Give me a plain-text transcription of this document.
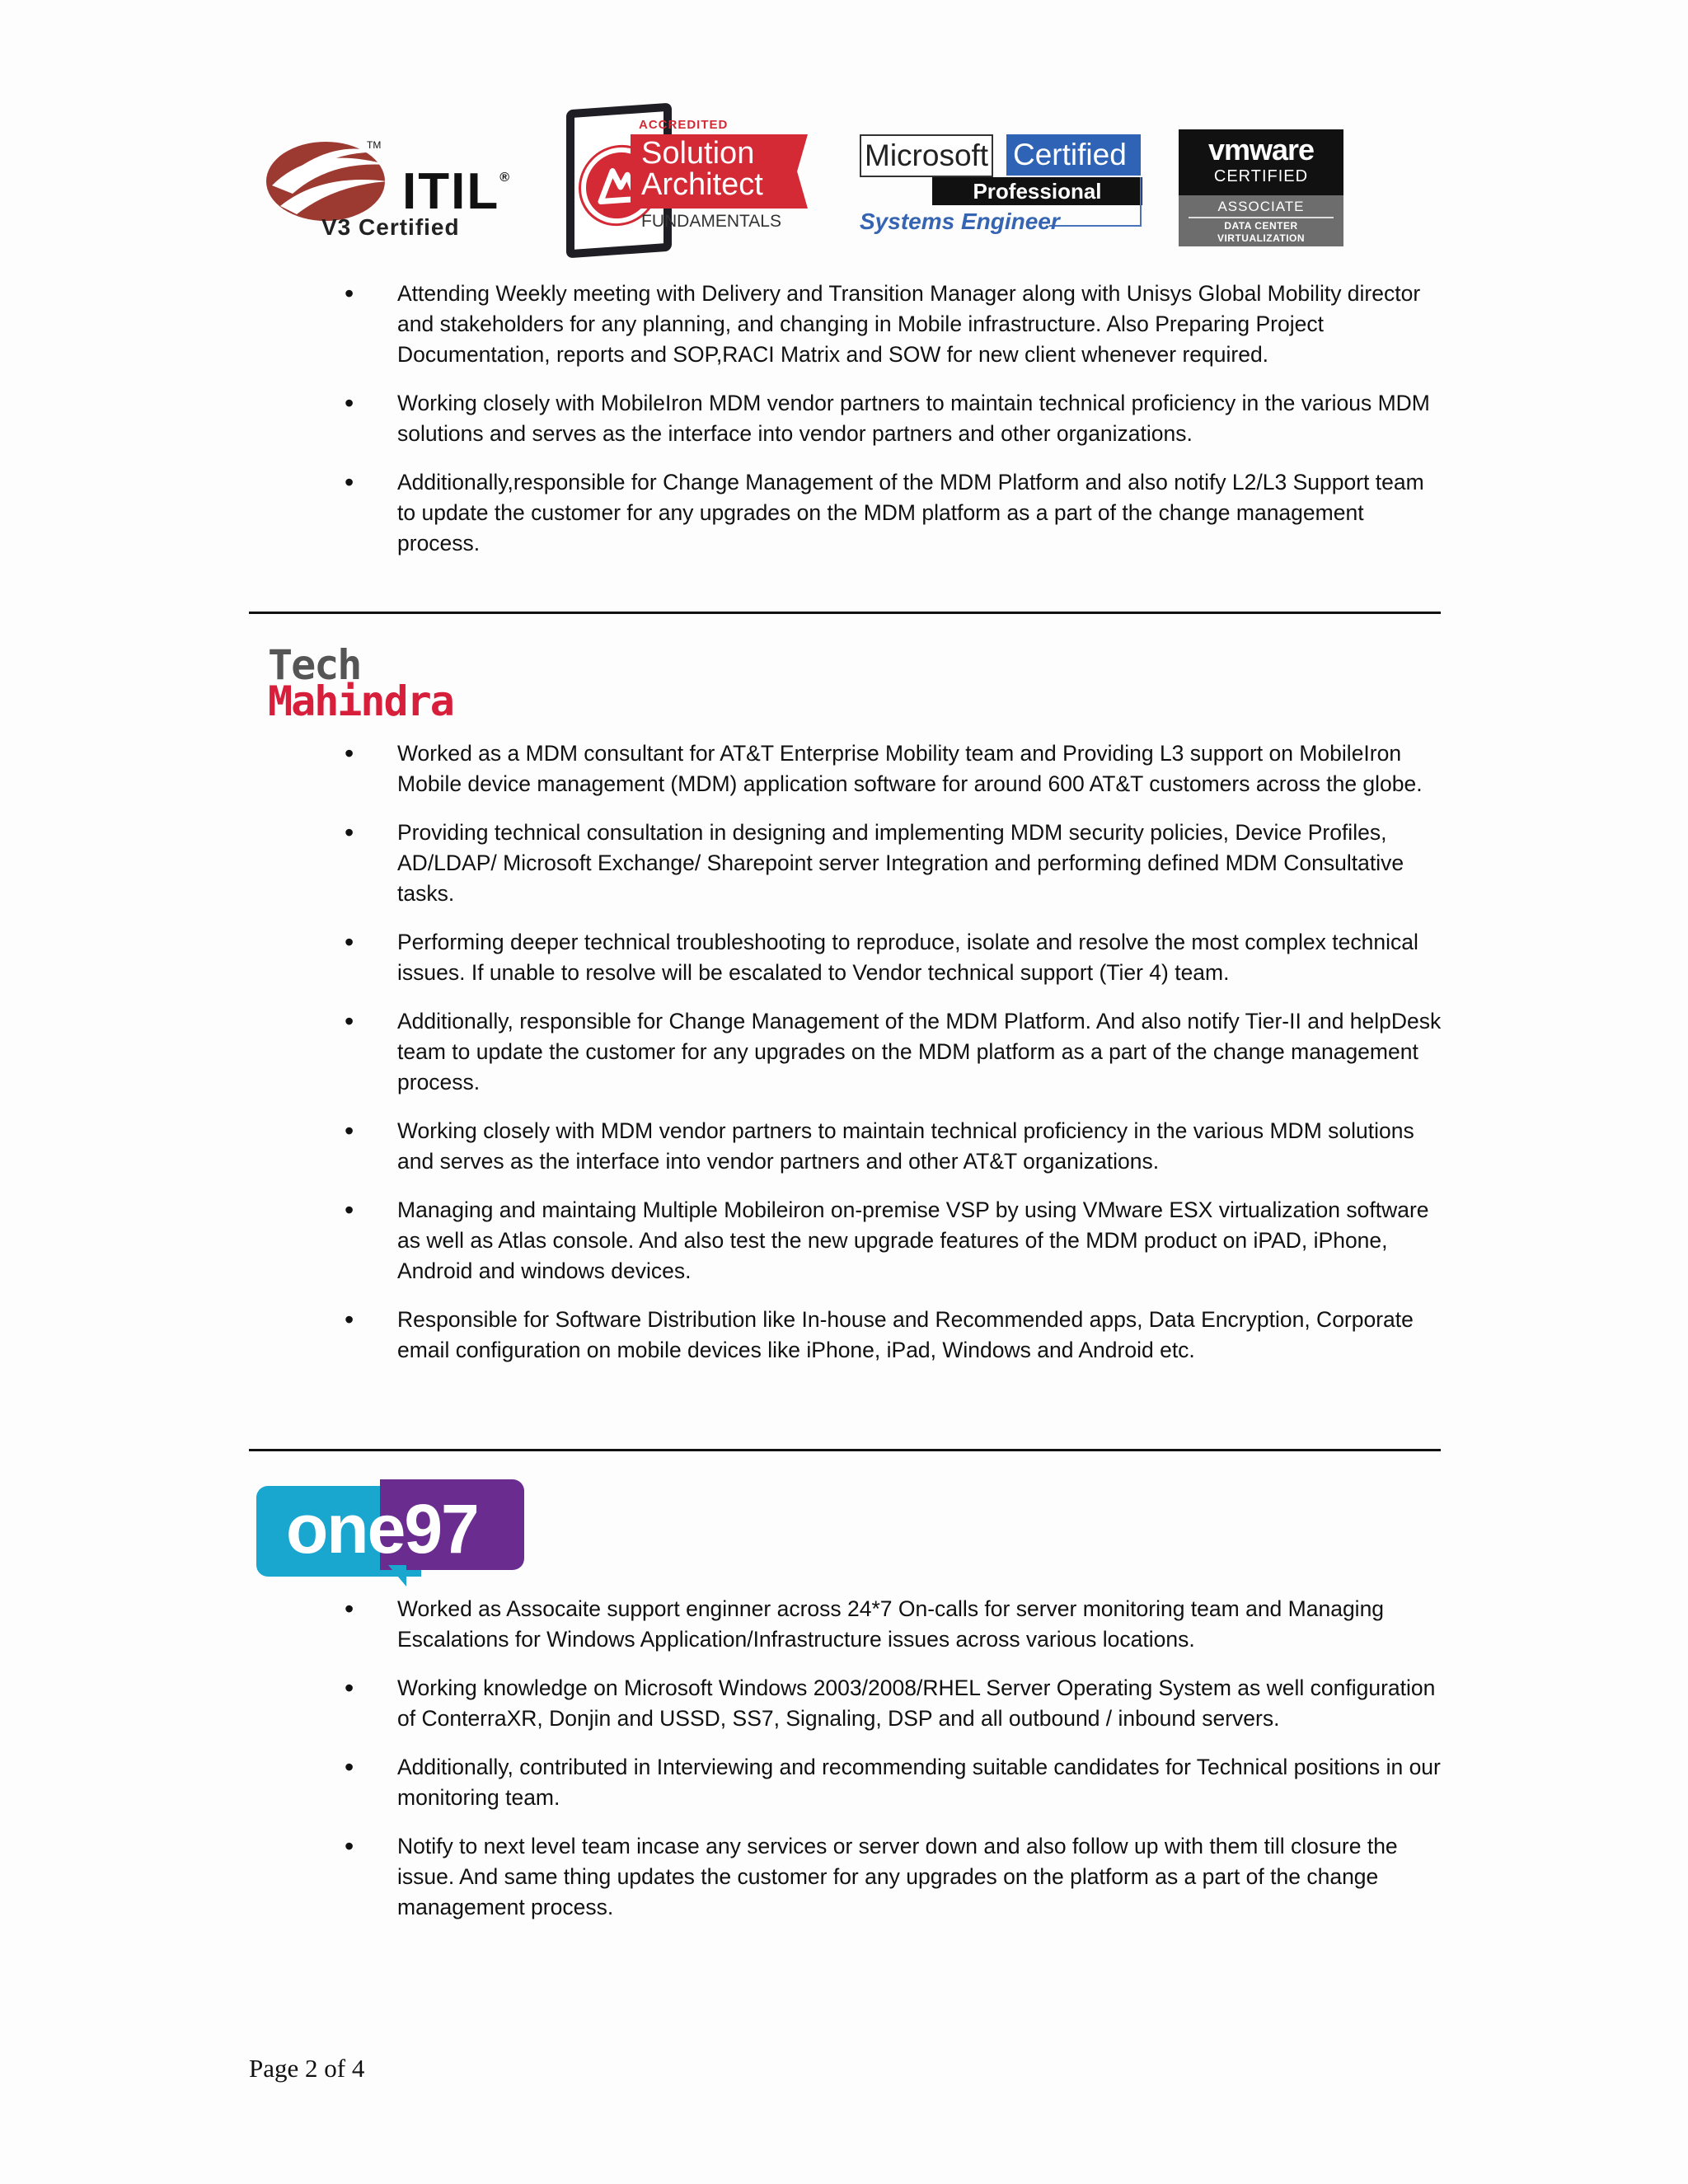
TM
ITIL®
V3 Certified
ACCREDITED
Solution
Architect
FUNDAMENTALS
Microsoft Certified
Professional
Systems Engineer
vmware
CERTIFIED
ASSOCIATE
DATA CENTER
VIRTUALIZATION
• Attending Weekly meeting with Delivery and Transition Manager along with Unisys Global Mobility director and stakeholders for any planning, and changing in Mobile infrastructure. Also Preparing Project Documentation, reports and SOP,RACI Matrix and SOW for new client whenever required.
• Working closely with MobileIron MDM vendor partners to maintain technical proficiency in the various MDM solutions and serves as the interface into vendor partners and other organizations.
• Additionally,responsible for Change Management of the MDM Platform and also notify L2/L3 Support team to update the customer for any upgrades on the MDM platform as a part of the change management process.
Tech
Mahindra
• Worked as a MDM consultant for AT&T Enterprise Mobility team and Providing L3 support on MobileIron Mobile device management (MDM) application software for around 600 AT&T customers across the globe.
• Providing technical consultation in designing and implementing MDM security policies, Device Profiles, AD/LDAP/ Microsoft Exchange/ Sharepoint server Integration and performing defined MDM Consultative tasks.
• Performing deeper technical troubleshooting to reproduce, isolate and resolve the most complex technical issues. If unable to resolve will be escalated to Vendor technical support (Tier 4) team.
• Additionally, responsible for Change Management of the MDM Platform. And also notify Tier-II and helpDesk team to update the customer for any upgrades on the MDM platform as a part of the change management process.
• Working closely with MDM vendor partners to maintain technical proficiency in the various MDM solutions and serves as the interface into vendor partners and other AT&T organizations.
• Managing and maintaing Multiple Mobileiron on-premise VSP by using VMware ESX virtualization software as well as Atlas console. And also test the new upgrade features of the MDM product on iPAD, iPhone, Android and windows devices.
• Responsible for Software Distribution like In-house and Recommended apps, Data Encryption, Corporate email configuration on mobile devices like iPhone, iPad, Windows and Android etc.
one97
• Worked as Assocaite support enginner across 24*7 On-calls for server monitoring team and Managing Escalations for Windows Application/Infrastructure issues across various locations.
• Working knowledge on Microsoft Windows 2003/2008/RHEL Server Operating System as well configuration of ConterraXR, Donjin and USSD, SS7, Signaling, DSP and all outbound / inbound servers.
• Additionally, contributed in Interviewing and recommending suitable candidates for Technical positions in our monitoring team.
• Notify to next level team incase any services or server down and also follow up with them till closure the issue. And same thing updates the customer for any upgrades on the platform as a part of the change management process.
Page 2 of 4
